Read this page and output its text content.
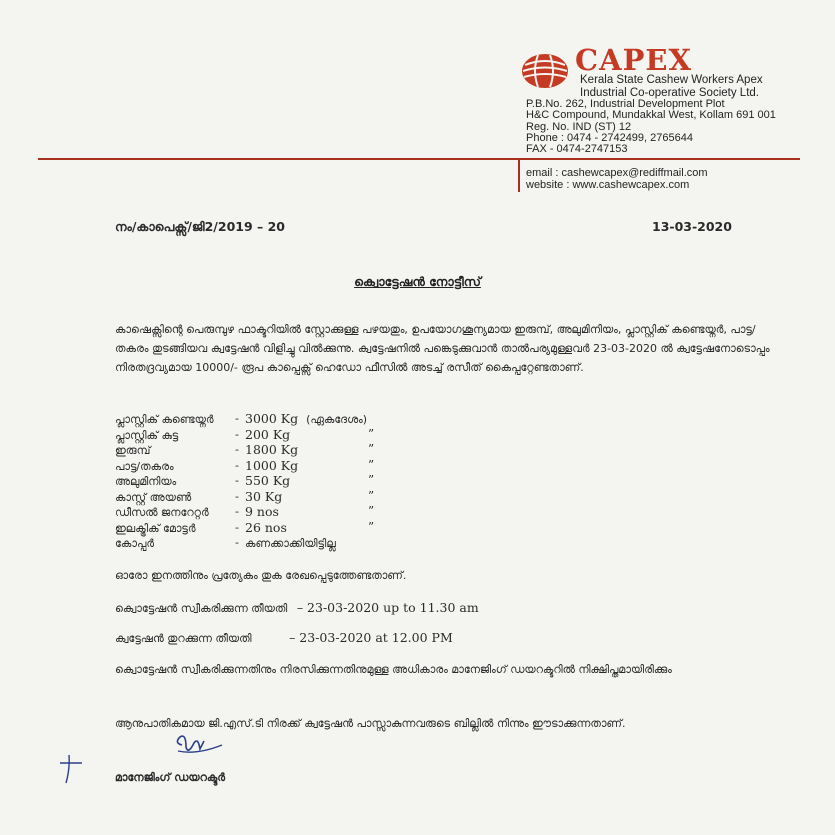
CAPEX
Kerala State Cashew Workers Apex
Industrial Co-operative Society Ltd.
P.B.No. 262, Industrial Development Plot
H&C Compound, Mundakkal West, Kollam 691 001
Reg. No. IND (ST) 12
Phone : 0474 - 2742499, 2765644
FAX - 0474-2747153
email : cashewcapex@rediffmail.com
website : www.cashewcapex.com
നം/കാപെക്സ്/ജി2/2019 – 20	13-03-2020
ക്വൊട്ടേഷൻ നോട്ടീസ്
കാഷെക്സിന്റെ പെരുമ്പുഴ ഫാക്ടറിയിൽ സ്റ്റോക്കുള്ള പഴയതും, ഉപയോഗശൂന്യമായ ഇരുമ്പ്, അലുമിനിയം, പ്ലാസ്റ്റിക് കണ്ടെയ്നർ, പാട്ട/തകരം തുടങ്ങിയവ ക്വട്ടേഷൻ വിളിച്ചു വിൽക്കുന്നു. ക്വട്ടേഷനിൽ പങ്കെടുക്കുവാൻ താൽപര്യമുള്ളവർ 23-03-2020 ൽ ക്വട്ടേഷനോടൊപ്പം നിരതദ്രവ്യമായ 10000/- രൂപ കാപ്പെക്സ് ഹെഡോ ഫീസിൽ അടച്ച് രസീത് കൈപ്പറ്റേണ്ടതാണ്.
പ്ലാസ്റ്റിക് കണ്ടെയ്നർ - 3000 Kg (ഏകദേശം)
പ്ലാസ്റ്റിക് കുട്ട	- 200 Kg	”
ഇരുമ്പ്	- 1800 Kg	”
പാട്ട/തകരം	- 1000 Kg	”
അലുമിനിയം	- 550 Kg	”
കാസ്റ്റ് അയൺ	- 30 Kg	”
ഡീസൽ ജനറേറ്റർ - 9 nos	”
ഇലക്ട്രിക് മോട്ടർ	- 26 nos	”
കോപ്പർ	- കണക്കാക്കിയിട്ടില്ല
ഓരോ ഇനത്തിനും പ്രത്യേകം തുക രേഖപ്പെടുത്തേണ്ടതാണ്.
ക്വൊട്ടേഷൻ സ്വീകരിക്കുന്ന തീയതി – 23-03-2020 up to 11.30 am
ക്വട്ടേഷൻ തുറക്കുന്ന തീയതി	– 23-03-2020 at 12.00 PM
ക്വൊട്ടേഷൻ സ്വീകരിക്കുന്നതിനും നിരസിക്കുന്നതിനുമുള്ള അധികാരം മാനേജിംഗ് ഡയറക്ടറിൽ നിക്ഷിപ്തമായിരിക്കും
ആനുപാതികമായ ജി.എസ്.ടി നിരക്ക് ക്വട്ടേഷൻ പാസ്സാകുന്നവരുടെ ബില്ലിൽ നിന്നും ഈടാക്കുന്നതാണ്.
മാനേജിംഗ് ഡയറക്ടർ
